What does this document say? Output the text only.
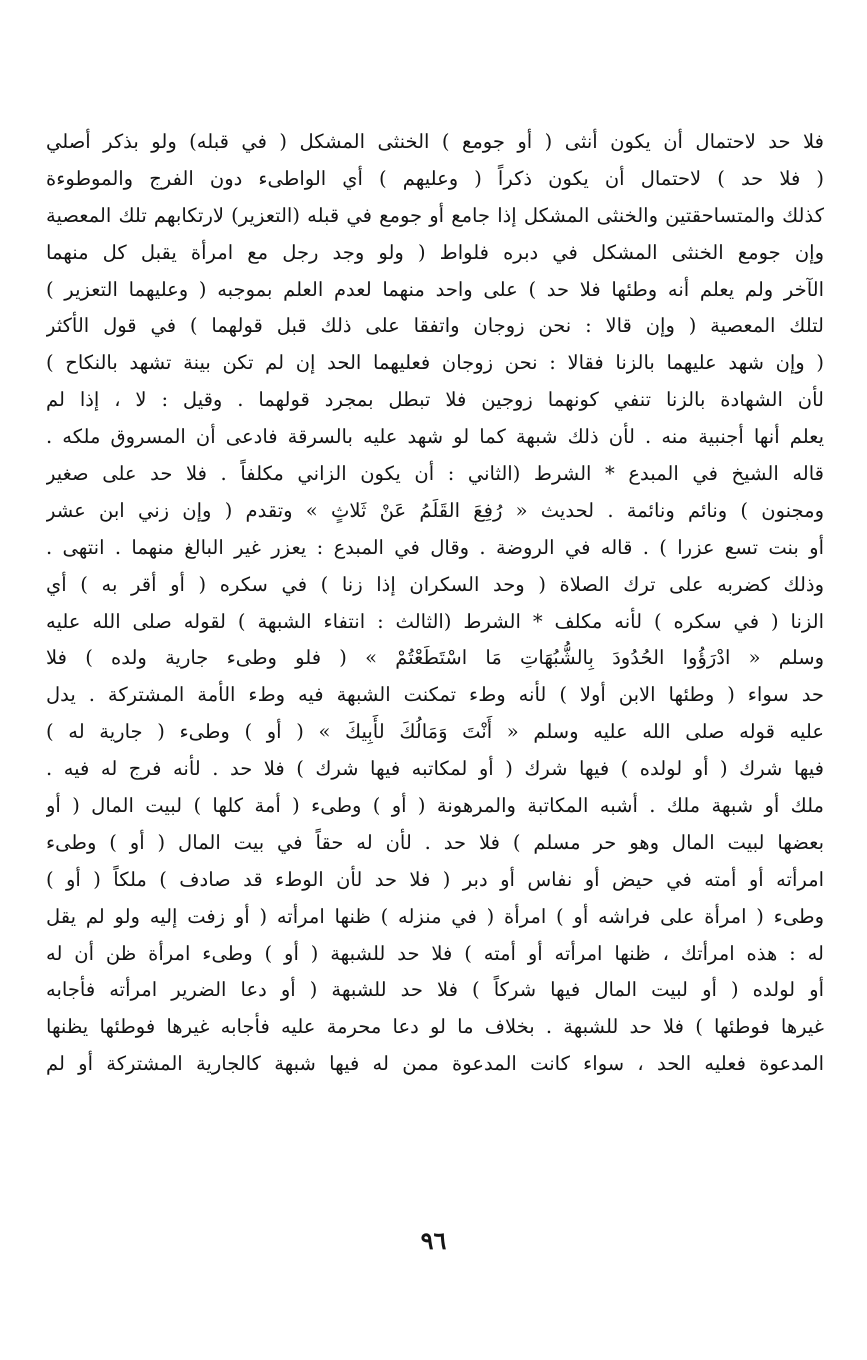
فلا حد لاحتمال أن يكون أنثى ( أو جومع ) الخنثى المشكل ( في قبله) ولو بذكر أصلي
( فلا حد ) لاحتمال أن يكون ذكراً ( وعليهم ) أي الواطىء دون الفرج والموطوءة
كذلك والمتساحقتين والخنثى المشكل إذا جامع أو جومع في قبله (التعزير) لارتكابهم تلك المعصية
وإن جومع الخنثى المشكل في دبره فلواط ( ولو وجد رجل مع امرأة يقبل كل منهما
الآخر ولم يعلم أنه وطئها فلا حد ) على واحد منهما لعدم العلم بموجبه ( وعليهما التعزير )
لتلك المعصية ( وإن قالا : نحن زوجان واتفقا على ذلك قبل قولهما ) في قول الأكثر
( وإن شهد عليهما بالزنا فقالا : نحن زوجان فعليهما الحد إن لم تكن بينة تشهد بالنكاح )
لأن الشهادة بالزنا تنفي كونهما زوجين فلا تبطل بمجرد قولهما . وقيل : لا ، إذا لم
يعلم أنها أجنبية منه . لأن ذلك شبهة كما لو شهد عليه بالسرقة فادعى أن المسروق ملكه .
قاله الشيخ في المبدع * الشرط (الثاني : أن يكون الزاني مكلفاً . فلا حد على صغير
ومجنون ) ونائم ونائمة . لحديث « رُفِعَ القَلَمُ عَنْ ثَلاثٍ » وتقدم ( وإن زني ابن عشر
أو بنت تسع عزرا ) . قاله في الروضة . وقال في المبدع : يعزر غير البالغ منهما . انتهى .
وذلك كضربه على ترك الصلاة ( وحد السكران إذا زنا ) في سكره ( أو أقر به ) أي
الزنا ( في سكره ) لأنه مكلف * الشرط (الثالث : انتفاء الشبهة ) لقوله صلى الله عليه
وسلم « ادْرَؤُوا الحُدُودَ بِالشُّبُهَاتِ مَا اسْتَطَعْتُمْ » ( فلو وطىء جارية ولده ) فلا
حد سواء ( وطئها الابن أولا ) لأنه وطء تمكنت الشبهة فيه وطء الأمة المشتركة . يدل
عليه قوله صلى الله عليه وسلم « أَنْتَ وَمَالُكَ لأَبِيكَ » ( أو ) وطىء ( جارية له )
فيها شرك ( أو لولده ) فيها شرك ( أو لمكاتبه فيها شرك ) فلا حد . لأنه فرج له فيه .
ملك أو شبهة ملك . أشبه المكاتبة والمرهونة ( أو ) وطىء ( أمة كلها ) لبيت المال ( أو
بعضها لبيت المال وهو حر مسلم ) فلا حد . لأن له حقاً في بيت المال ( أو ) وطىء
امرأته أو أمته في حيض أو نفاس أو دبر ( فلا حد لأن الوطء قد صادف ) ملكاً ( أو )
وطىء ( امرأة على فراشه أو ) امرأة ( في منزله ) ظنها امرأته ( أو زفت إليه ولو لم يقل
له : هذه امرأتك ، ظنها امرأته أو أمته ) فلا حد للشبهة ( أو ) وطىء امرأة ظن أن له
أو لولده ( أو لبيت المال فيها شركاً ) فلا حد للشبهة ( أو دعا الضرير امرأته فأجابه
غيرها فوطئها ) فلا حد للشبهة . بخلاف ما لو دعا محرمة عليه فأجابه غيرها فوطئها يظنها
المدعوة فعليه الحد ، سواء كانت المدعوة ممن له فيها شبهة كالجارية المشتركة أو لم
٩٦
